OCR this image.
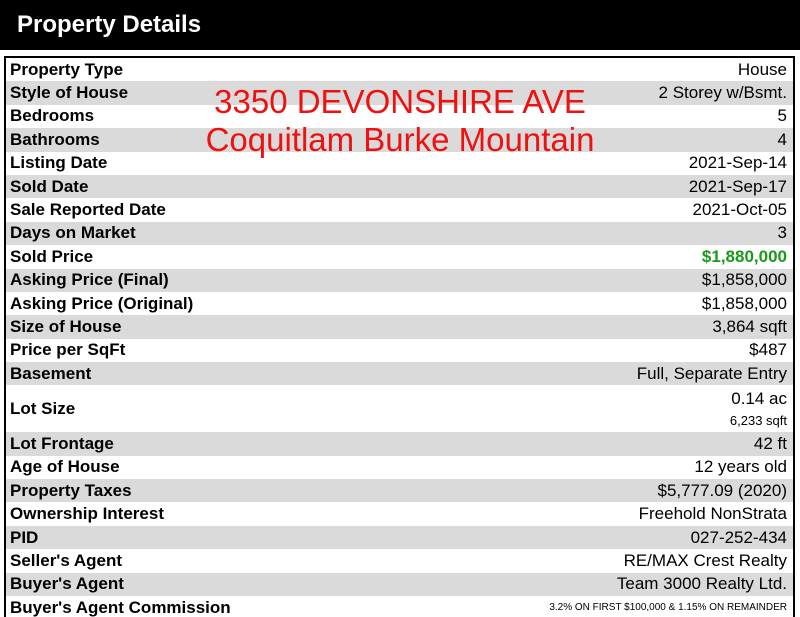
Property Details
Property Type	House
Style of House	2 Storey w/Bsmt.
Bedrooms	5
Bathrooms	4
Listing Date	2021-Sep-14
Sold Date	2021-Sep-17
Sale Reported Date	2021-Oct-05
Days on Market	3
Sold Price	$1,880,000
Asking Price (Final)	$1,858,000
Asking Price (Original)	$1,858,000
Size of House	3,864 sqft
Price per SqFt	$487
Basement	Full, Separate Entry
Lot Size	0.14 ac
6,233 sqft
Lot Frontage	42 ft
Age of House	12 years old
Property Taxes	$5,777.09 (2020)
Ownership Interest	Freehold NonStrata
PID	027-252-434
Seller's Agent	RE/MAX Crest Realty
Buyer's Agent	Team 3000 Realty Ltd.
Buyer's Agent Commission	3.2% ON FIRST $100,000 & 1.15% ON REMAINDER
3350 DEVONSHIRE AVE
Coquitlam Burke Mountain
